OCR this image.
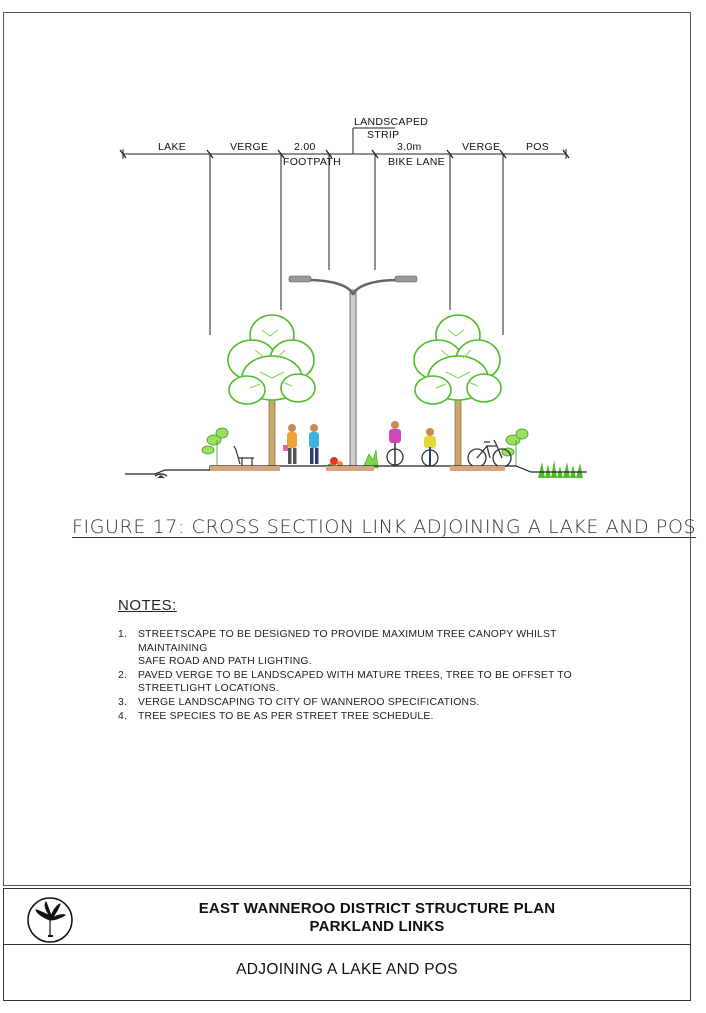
LAKE	VERGE 2.00
FOOTPATH
LANDSCAPED
STRIP
3.0m
BIKE LANE
VERGE POS
FIGURE 17: CROSS SECTION LINK ADJOINING A LAKE AND POS
NOTES:
1.	STREETSCAPE TO BE DESIGNED TO PROVIDE MAXIMUM TREE CANOPY WHILST MAINTAINING
SAFE ROAD AND PATH LIGHTING.
2.	PAVED VERGE TO BE LANDSCAPED WITH MATURE TREES, TREE TO BE OFFSET TO
STREETLIGHT LOCATIONS.
3.	VERGE LANDSCAPING TO CITY OF WANNEROO SPECIFICATIONS.
4.	TREE SPECIES TO BE AS PER STREET TREE SCHEDULE.
EAST WANNEROO DISTRICT STRUCTURE PLAN
PARKLAND LINKS
ADJOINING A LAKE AND POS
